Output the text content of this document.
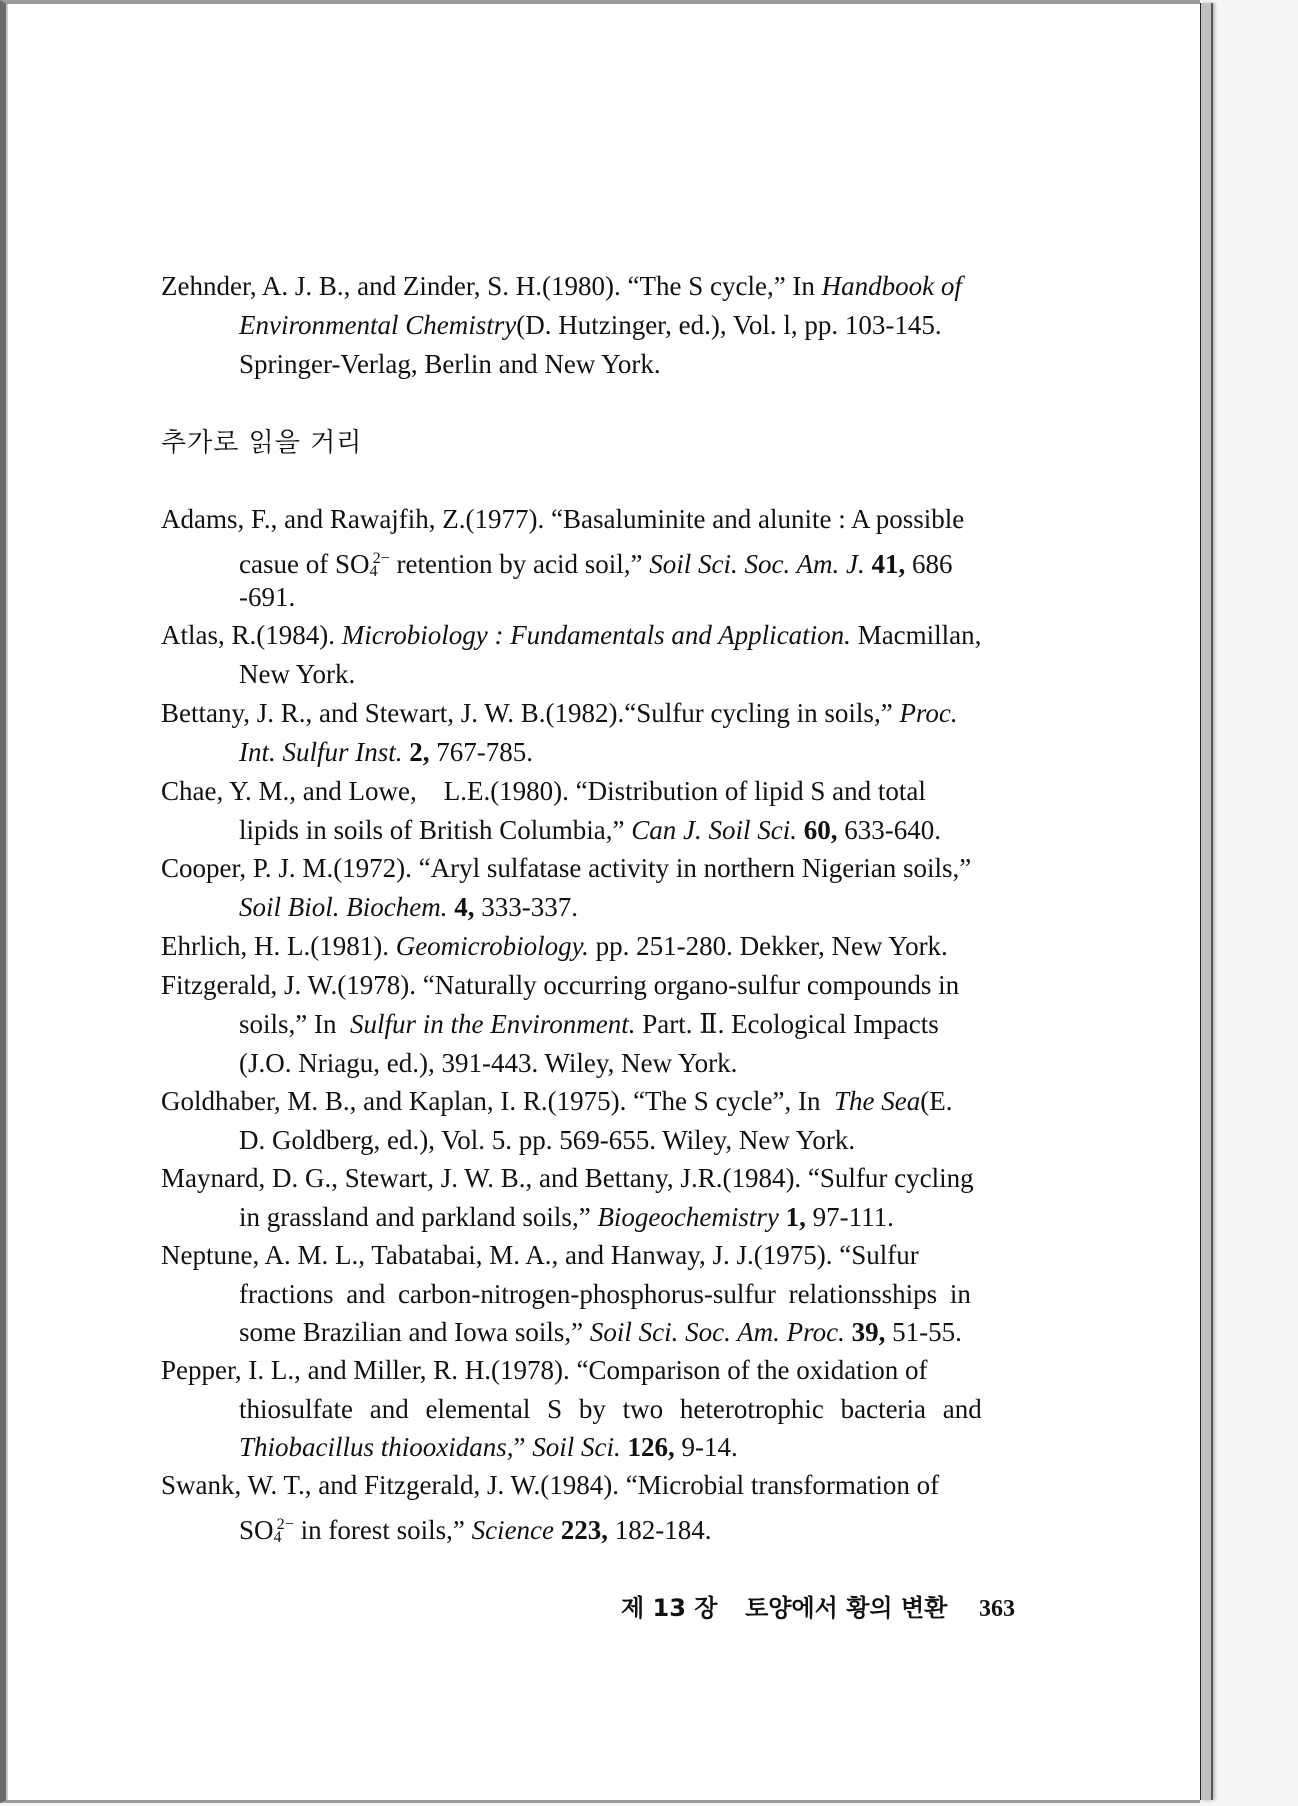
Zehnder, A. J. B., and Zinder, S. H.(1980). “The S cycle,” In Handbook of
Environmental Chemistry(D. Hutzinger, ed.), Vol. l, pp. 103-145.
Springer-Verlag, Berlin and New York.
추가로 읽을 거리
Adams, F., and Rawajfih, Z.(1977). “Basaluminite and alunite : A possible
casue of $SO4^{2-}$ retention by acid soil,” Soil Sci. Soc. Am. J. 41, 686
-691.
Atlas, R.(1984). Microbiology : Fundamentals and Application. Macmillan,
New York.
Bettany, J. R., and Stewart, J. W. B.(1982).“Sulfur cycling in soils,” Proc.
Int. Sulfur Inst. 2, 767-785.
Chae, Y. M., and Lowe,    L.E.(1980). “Distribution of lipid S and total
lipids in soils of British Columbia,” Can J. Soil Sci. 60, 633-640.
Cooper, P. J. M.(1972). “Aryl sulfatase activity in northern Nigerian soils,”
Soil Biol. Biochem. 4, 333-337.
Ehrlich, H. L.(1981). Geomicrobiology. pp. 251-280. Dekker, New York.
Fitzgerald, J. W.(1978). “Naturally occurring organo-sulfur compounds in
soils,” In  Sulfur in the Environment. Part. Ⅱ. Ecological Impacts
(J.O. Nriagu, ed.), 391-443. Wiley, New York.
Goldhaber, M. B., and Kaplan, I. R.(1975). “The S cycle”, In  The Sea(E.
D. Goldberg, ed.), Vol. 5. pp. 569-655. Wiley, New York.
Maynard, D. G., Stewart, J. W. B., and Bettany, J.R.(1984). “Sulfur cycling
in grassland and parkland soils,” Biogeochemistry 1, 97-111.
Neptune, A. M. L., Tabatabai, M. A., and Hanway, J. J.(1975). “Sulfur
fractions and carbon-nitrogen-phosphorus-sulfur relationsships in
some Brazilian and Iowa soils,” Soil Sci. Soc. Am. Proc. 39, 51-55.
Pepper, I. L., and Miller, R. H.(1978). “Comparison of the oxidation of
thiosulfate and elemental S by two heterotrophic bacteria and
Thiobacillus thiooxidans,” Soil Sci. 126, 9-14.
Swank, W. T., and Fitzgerald, J. W.(1984). “Microbial transformation of
$SO4^{2-}$ in forest soils,” Science 223, 182-184.
제 13 장 토양에서 황의 변환 363
